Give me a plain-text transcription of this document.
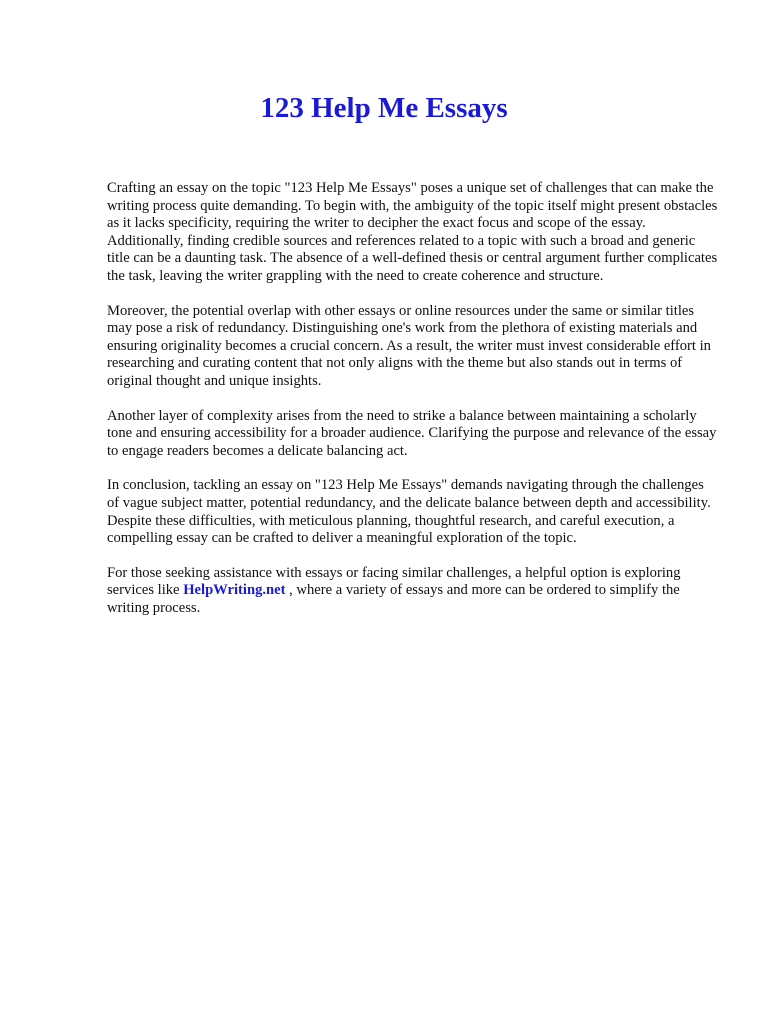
123 Help Me Essays

Crafting an essay on the topic "123 Help Me Essays" poses a unique set of challenges that can make the writing process quite demanding. To begin with, the ambiguity of the topic itself might present obstacles as it lacks specificity, requiring the writer to decipher the exact focus and scope of the essay. Additionally, finding credible sources and references related to a topic with such a broad and generic title can be a daunting task. The absence of a well-defined thesis or central argument further complicates the task, leaving the writer grappling with the need to create coherence and structure.

Moreover, the potential overlap with other essays or online resources under the same or similar titles may pose a risk of redundancy. Distinguishing one's work from the plethora of existing materials and ensuring originality becomes a crucial concern. As a result, the writer must invest considerable effort in researching and curating content that not only aligns with the theme but also stands out in terms of original thought and unique insights.

Another layer of complexity arises from the need to strike a balance between maintaining a scholarly tone and ensuring accessibility for a broader audience. Clarifying the purpose and relevance of the essay to engage readers becomes a delicate balancing act.

In conclusion, tackling an essay on "123 Help Me Essays" demands navigating through the challenges of vague subject matter, potential redundancy, and the delicate balance between depth and accessibility. Despite these difficulties, with meticulous planning, thoughtful research, and careful execution, a compelling essay can be crafted to deliver a meaningful exploration of the topic.

For those seeking assistance with essays or facing similar challenges, a helpful option is exploring services like HelpWriting.net , where a variety of essays and more can be ordered to simplify the writing process.
